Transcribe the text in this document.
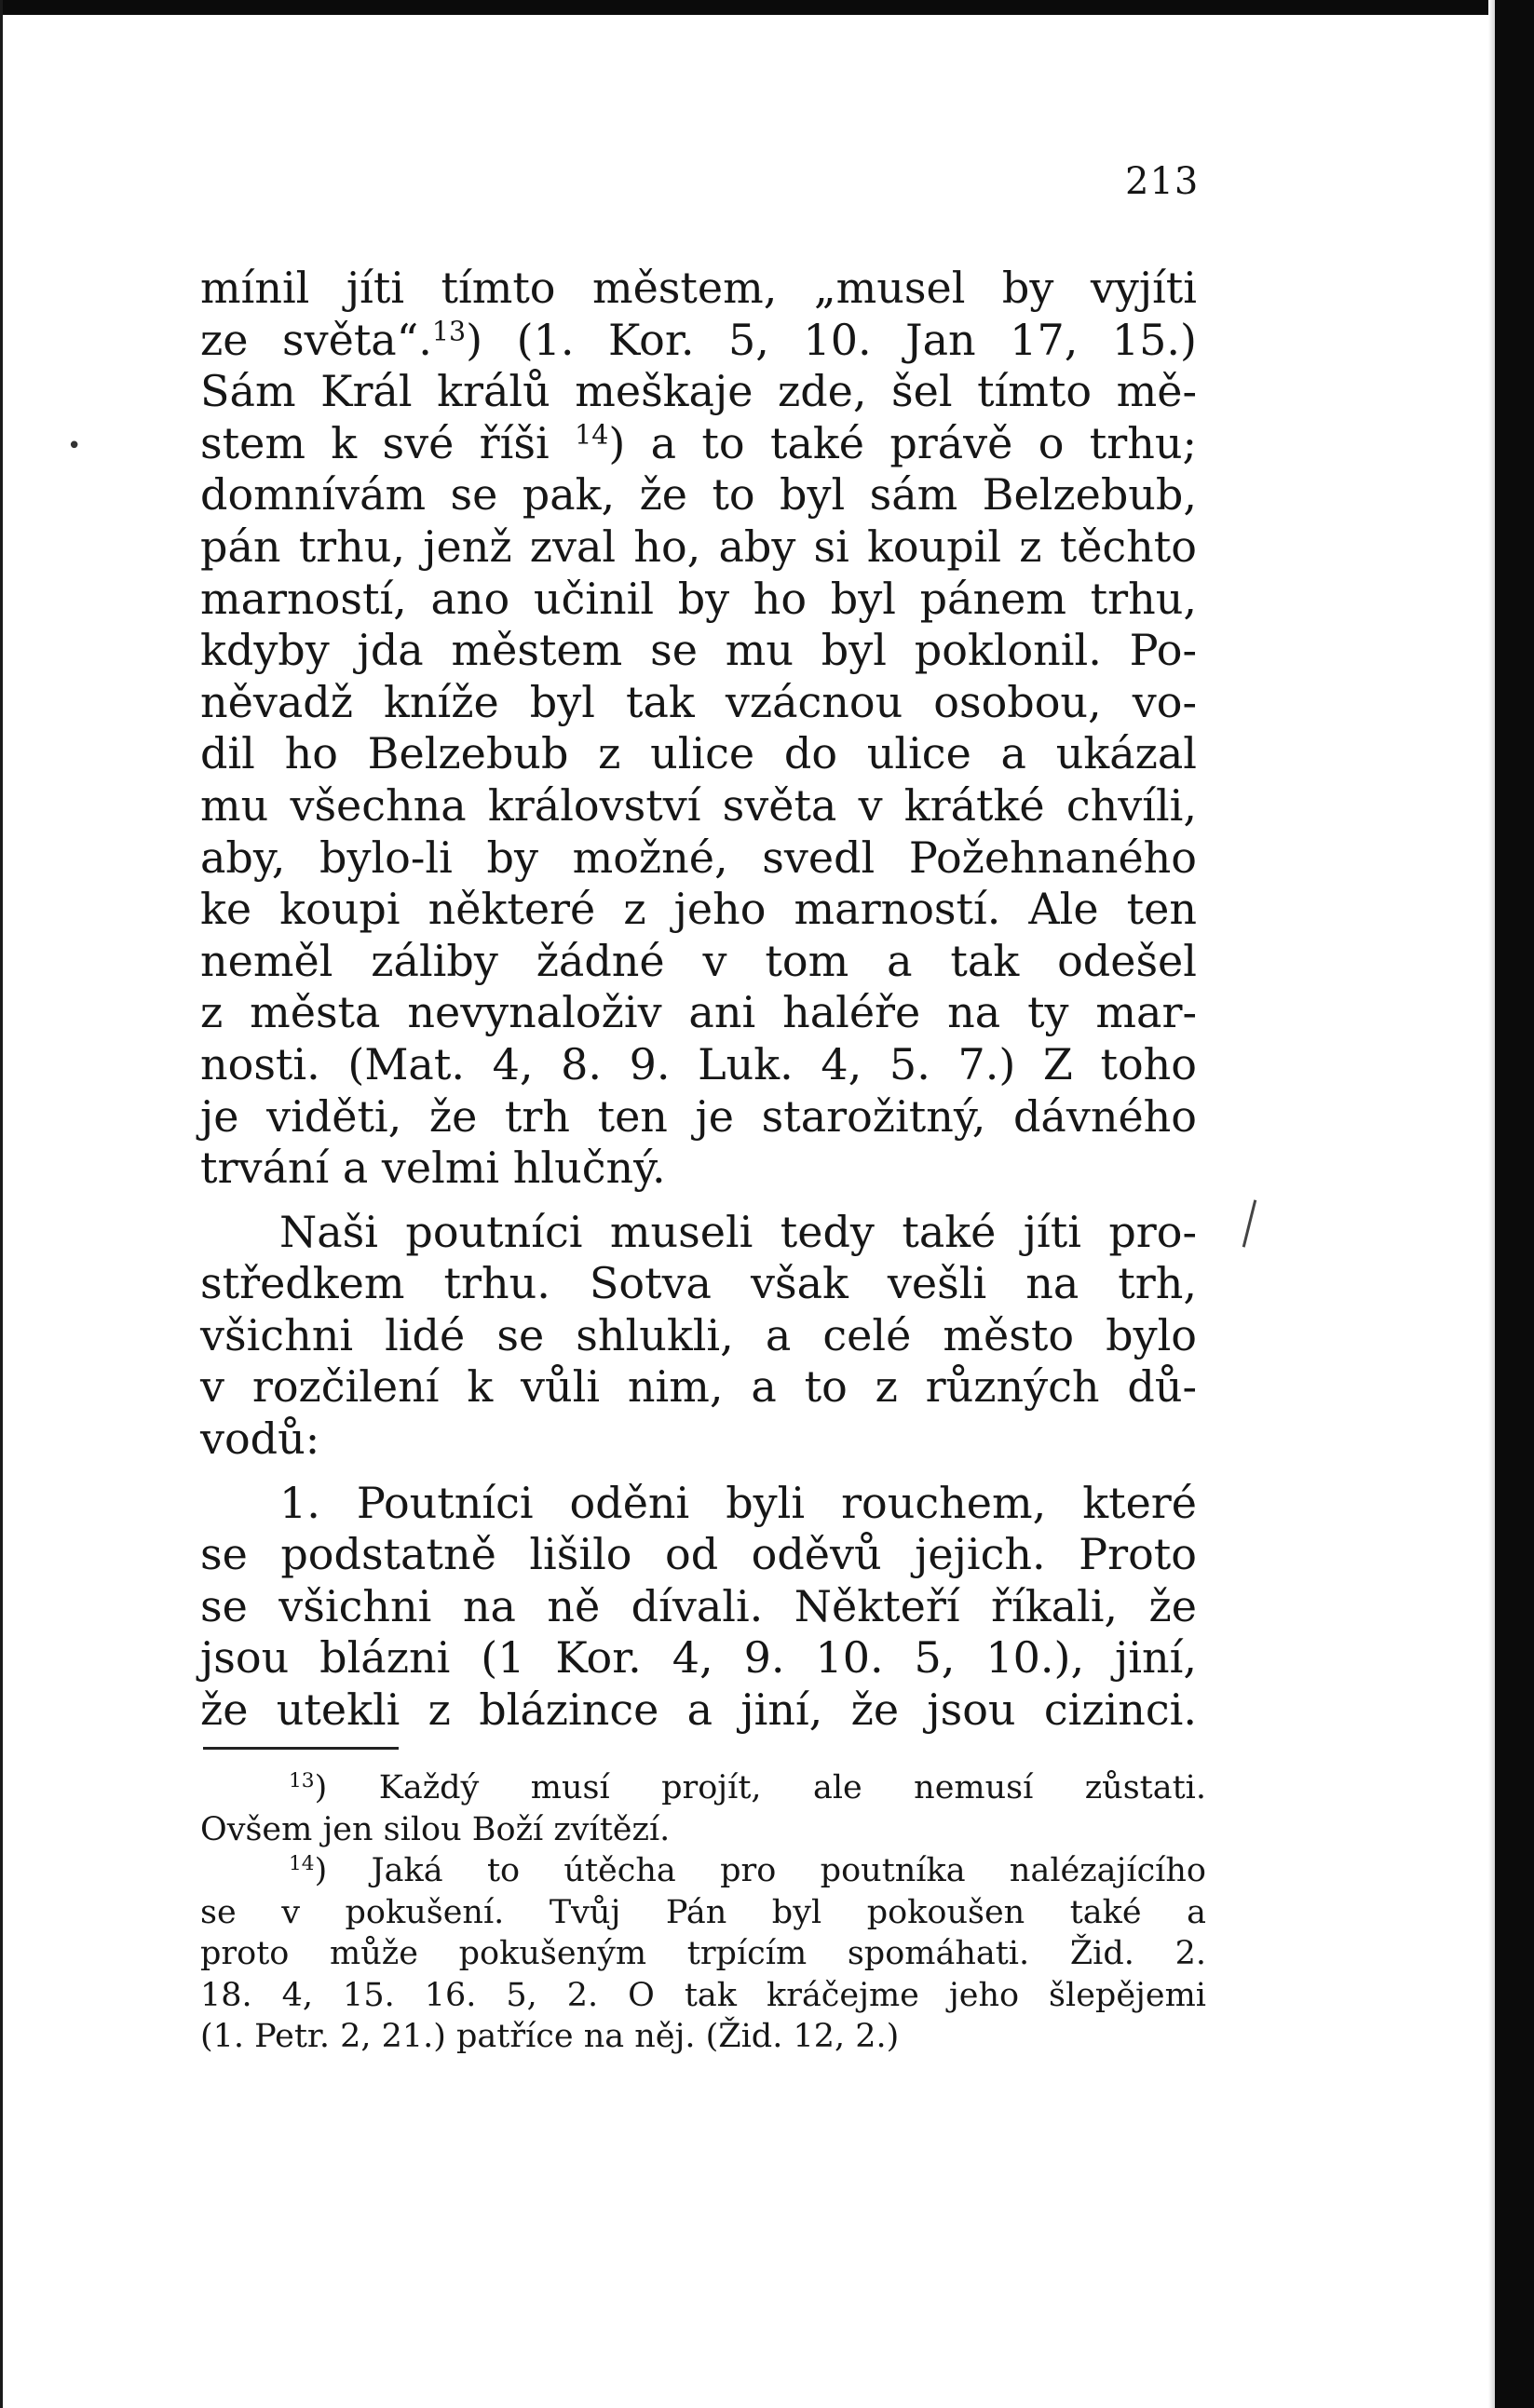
213
•
mínil jíti tímto městem, „musel by vyjíti
ze světa“.$^{13}$) (1. Kor. 5, 10. Jan 17, 15.)
Sám Král králů meškaje zde, šel tímto mě-
stem k své říši $^{14}$) a to také právě o trhu;
domnívám se pak, že to byl sám Belzebub,
pán trhu, jenž zval ho, aby si koupil z těchto
marností, ano učinil by ho byl pánem trhu,
kdyby jda městem se mu byl poklonil. Po-
něvadž kníže byl tak vzácnou osobou, vo-
dil ho Belzebub z ulice do ulice a ukázal
mu všechna království světa v krátké chvíli,
aby, bylo-li by možné, svedl Požehnaného
ke koupi některé z jeho marností. Ale ten
neměl záliby žádné v tom a tak odešel
z města nevynaloživ ani haléře na ty mar-
nosti. (Mat. 4, 8. 9. Luk. 4, 5. 7.) Z toho
je viděti, že trh ten je starožitný, dávného
trvání a velmi hlučný.
Naši poutníci museli tedy také jíti pro-
středkem trhu. Sotva však vešli na trh,
všichni lidé se shlukli, a celé město bylo
v rozčilení k vůli nim, a to z různých dů-
vodů:
1. Poutníci oděni byli rouchem, které
se podstatně lišilo od oděvů jejich. Proto
se všichni na ně dívali. Někteří říkali, že
jsou blázni (1 Kor. 4, 9. 10. 5, 10.), jiní,
že utekli z blázince a jiní, že jsou cizinci.
$^{13}$) Každý musí projít, ale nemusí zůstati.
Ovšem jen silou Boží zvítězí.
$^{14}$) Jaká to útěcha pro poutníka nalézajícího
se v pokušení. Tvůj Pán byl pokoušen také a
proto může pokušeným trpícím spomáhati. Žid. 2.
18. 4, 15. 16. 5, 2. O tak kráčejme jeho šlepějemi
(1. Petr. 2, 21.) patříce na něj. (Žid. 12, 2.)
